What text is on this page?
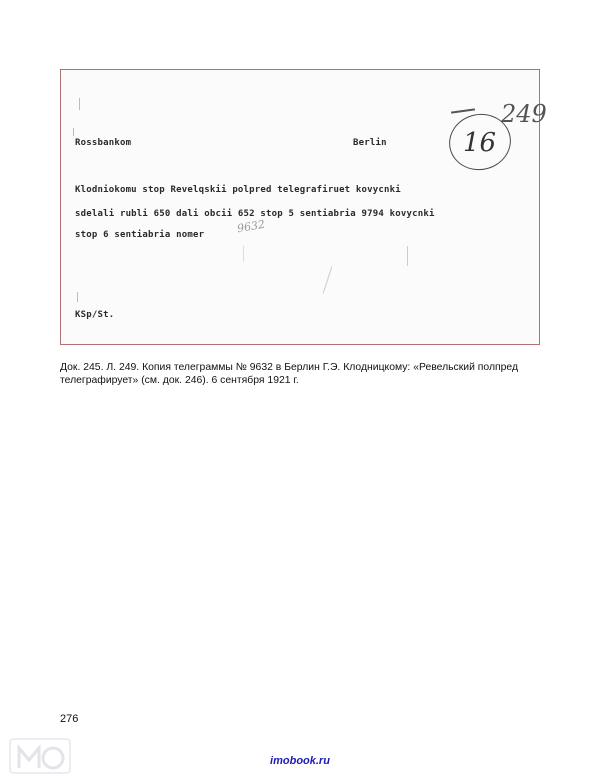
Rossbankom	Berlin
249
16
Klodniokomu stop Revelqskii polpred telegrafiruet kovycnki
sdelali rubli 650 dali obcii 652 stop 5 sentiabria 9794 kovycnki
stop 6 sentiabria nomer	9632
KSp/St.
Док. 245. Л. 249. Копия телеграммы № 9632 в Берлин Г.Э. Клодницкому: «Ревельский полпред телеграфирует» (см. док. 246). 6 сентября 1921 г.
276
imobook.ru
